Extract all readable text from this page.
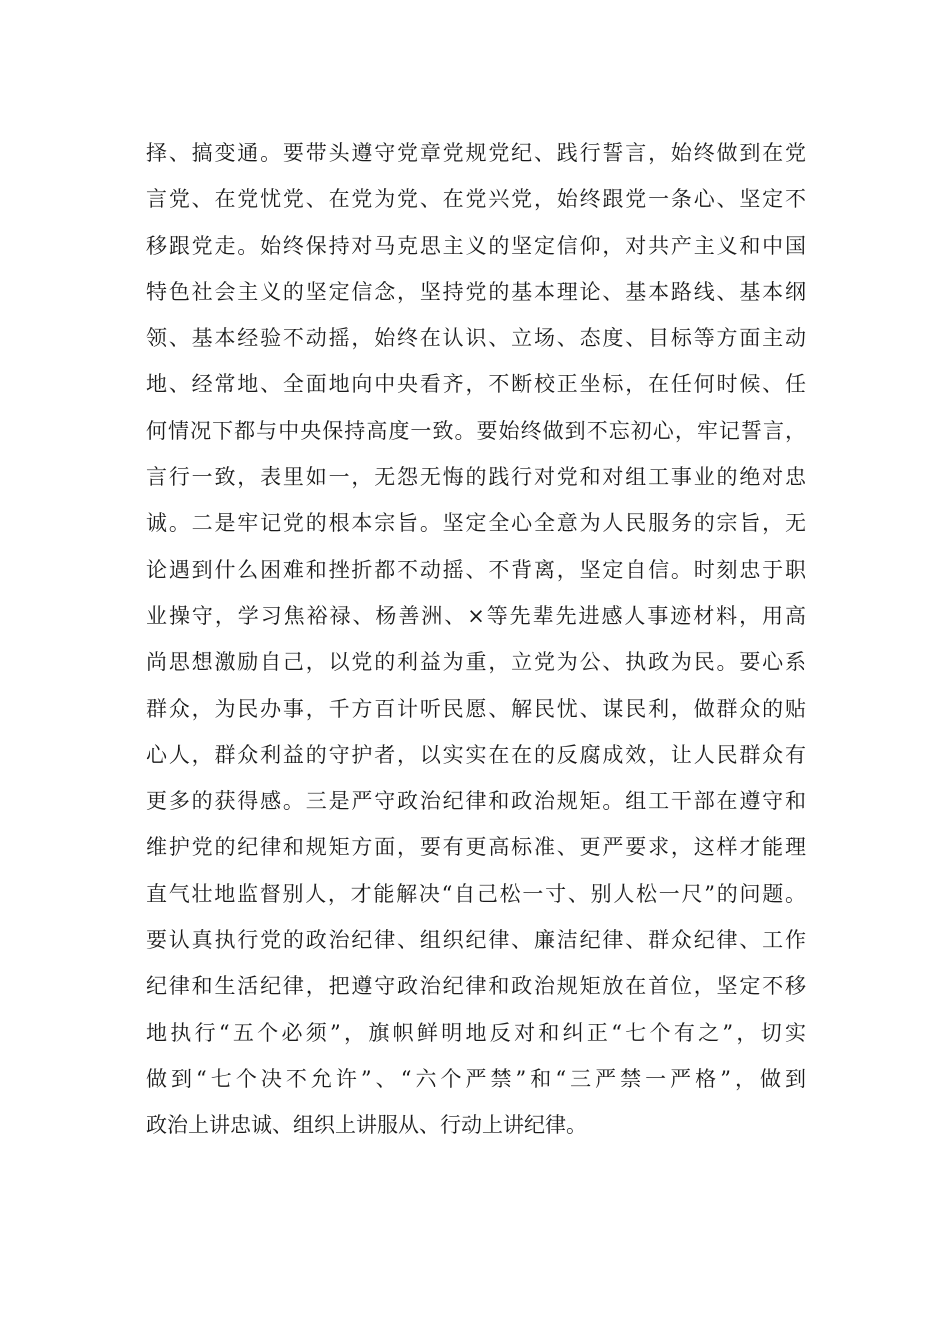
择、搞变通。要带头遵守党章党规党纪、践行誓言，始终做到在党
言党、在党忧党、在党为党、在党兴党，始终跟党一条心、坚定不
移跟党走。始终保持对马克思主义的坚定信仰，对共产主义和中国
特色社会主义的坚定信念，坚持党的基本理论、基本路线、基本纲
领、基本经验不动摇，始终在认识、立场、态度、目标等方面主动
地、经常地、全面地向中央看齐，不断校正坐标，在任何时候、任
何情况下都与中央保持高度一致。要始终做到不忘初心，牢记誓言，
言行一致，表里如一，无怨无悔的践行对党和对组工事业的绝对忠
诚。二是牢记党的根本宗旨。坚定全心全意为人民服务的宗旨，无
论遇到什么困难和挫折都不动摇、不背离，坚定自信。时刻忠于职
业操守，学习焦裕禄、杨善洲、×等先辈先进感人事迹材料，用高
尚思想激励自己，以党的利益为重，立党为公、执政为民。要心系
群众，为民办事，千方百计听民愿、解民忧、谋民利，做群众的贴
心人，群众利益的守护者，以实实在在的反腐成效，让人民群众有
更多的获得感。三是严守政治纪律和政治规矩。组工干部在遵守和
维护党的纪律和规矩方面，要有更高标准、更严要求，这样才能理
直气壮地监督别人，才能解决“自己松一寸、别人松一尺”的问题。
要认真执行党的政治纪律、组织纪律、廉洁纪律、群众纪律、工作
纪律和生活纪律，把遵守政治纪律和政治规矩放在首位，坚定不移
地执行“五个必须”，旗帜鲜明地反对和纠正“七个有之”，切实
做到“七个决不允许”、“六个严禁”和“三严禁一严格”，做到
政治上讲忠诚、组织上讲服从、行动上讲纪律。
